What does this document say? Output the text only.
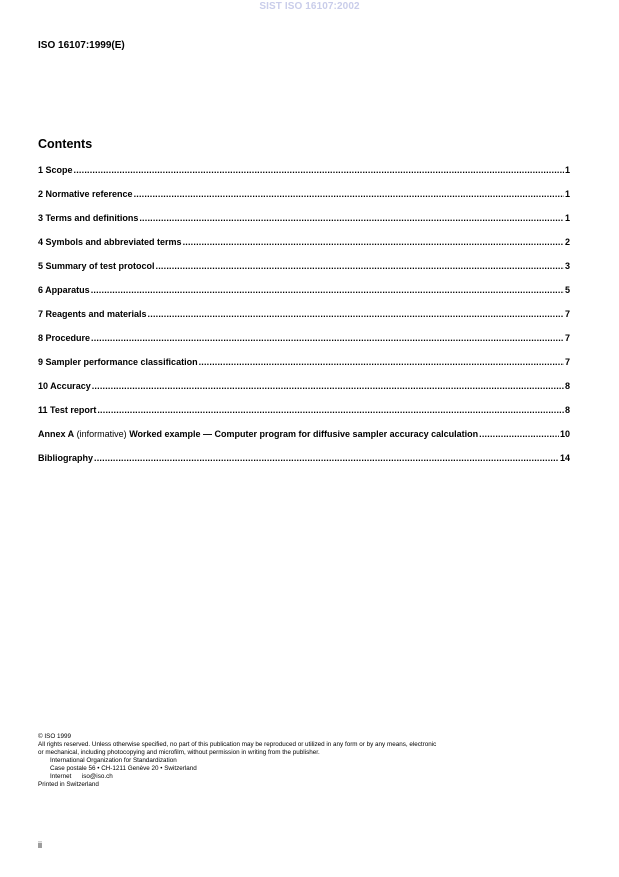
SIST ISO 16107:2002
ISO 16107:1999(E)
Contents
1 Scope .....	1
2 Normative reference .....	1
3 Terms and definitions .....	1
4 Symbols and abbreviated terms .....	2
5 Summary of test protocol .....	3
6 Apparatus .....	5
7 Reagents and materials .....	7
8 Procedure .....	7
9 Sampler performance classification .....	7
10 Accuracy .....	8
11 Test report .....	8
Annex A (informative) Worked example — Computer program for diffusive sampler accuracy calculation .....	10
Bibliography .....	14
© ISO 1999
All rights reserved. Unless otherwise specified, no part of this publication may be reproduced or utilized in any form or by any means, electronic
or mechanical, including photocopying and microfilm, without permission in writing from the publisher.
International Organization for Standardization
Case postale 56 • CH-1211 Genève 20 • Switzerland
Internet      iso@iso.ch
Printed in Switzerland
ii
